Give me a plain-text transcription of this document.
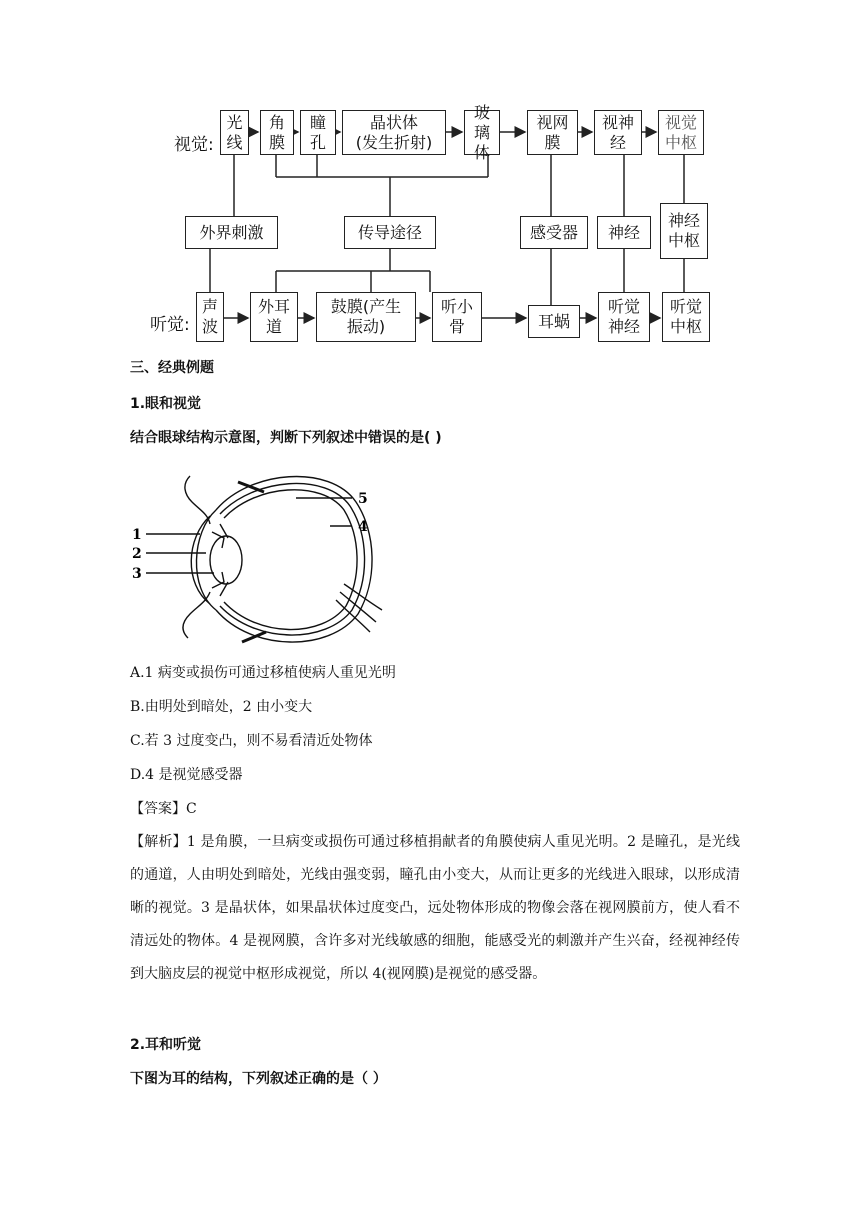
视觉:
听觉:
光
线
角
膜
瞳
孔
晶状体
(发生折射)
玻璃
体
视网
膜
视神
经
视觉
中枢
外界刺激	传导途径	感受器	神经
神经
中枢
声
波
外耳
道
鼓膜(产生
振动)
听小
骨	耳蜗
听觉
神经
听觉
中枢
三、经典例题
1.眼和视觉
结合眼球结构示意图，判断下列叙述中错误的是( )
1
2
3
4
5
A.1 病变或损伤可通过移植使病人重见光明
B.由明处到暗处，2 由小变大
C.若 3 过度变凸，则不易看清近处物体
D.4 是视觉感受器
【答案】C
【解析】1 是角膜，一旦病变或损伤可通过移植捐献者的角膜使病人重见光明。2 是瞳孔，是光线的通道，人由明处到暗处，光线由强变弱，瞳孔由小变大，从而让更多的光线进入眼球，以形成清晰的视觉。3 是晶状体，如果晶状体过度变凸，远处物体形成的物像会落在视网膜前方，使人看不清远处的物体。4 是视网膜，含许多对光线敏感的细胞，能感受光的刺激并产生兴奋，经视神经传到大脑皮层的视觉中枢形成视觉，所以 4(视网膜)是视觉的感受器。
2.耳和听觉
下图为耳的结构，下列叙述正确的是（ ）
